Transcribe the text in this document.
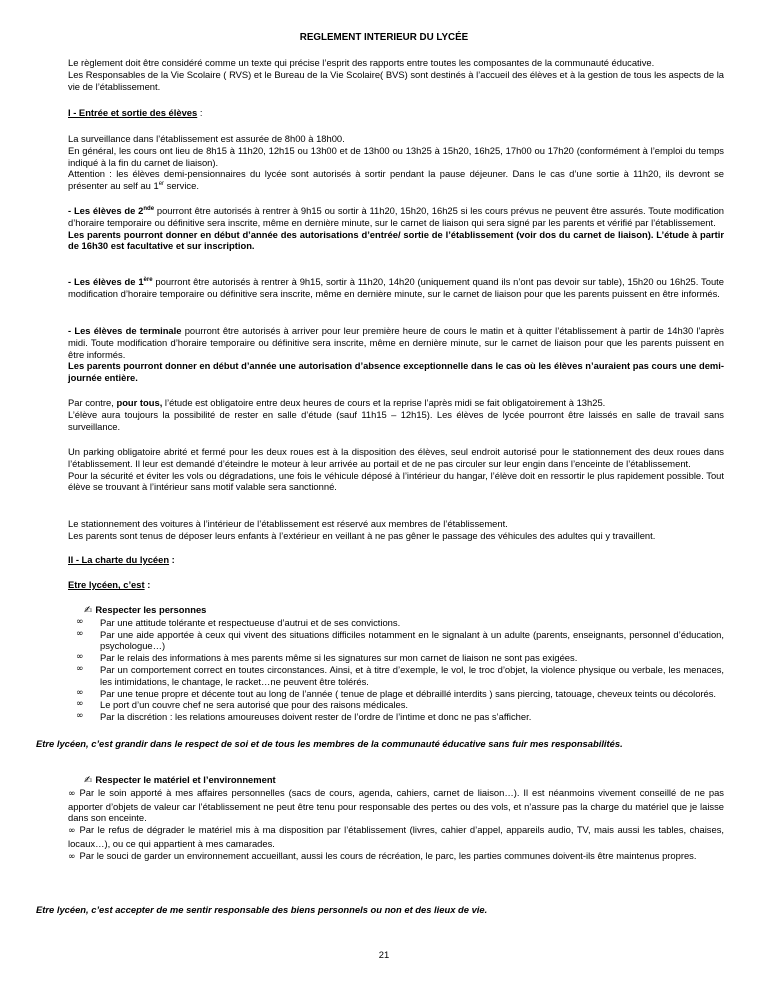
REGLEMENT INTERIEUR DU LYCÉE

Le règlement doit être considéré comme un texte qui précise l’esprit des rapports entre toutes les composantes de la communauté éducative.

Les Responsables de la Vie Scolaire ( RVS) et le Bureau de la Vie Scolaire( BVS) sont destinés à l’accueil des élèves et à la gestion de tous les aspects de la vie de l’établissement.

I - Entrée et sortie des élèves :

La surveillance dans l’établissement est assurée de 8h00 à 18h00.

En général, les cours ont lieu de 8h15 à 11h20, 12h15 ou 13h00 et de 13h00 ou 13h25 à 15h20, 16h25, 17h00 ou 17h20 (conformément à l’emploi du temps indiqué à la fin du carnet de liaison).

Attention : les élèves demi-pensionnaires du lycée sont autorisés à sortir pendant la pause déjeuner. Dans le cas d’une sortie à 11h20, ils devront se présenter au self au 1er service.

- Les élèves de 2nde pourront être autorisés à rentrer à 9h15 ou sortir à 11h20, 15h20, 16h25 si les cours prévus ne peuvent être assurés. Toute modification d’horaire temporaire ou définitive sera inscrite, même en dernière minute, sur le carnet de liaison qui sera signé par les parents et vérifié par l’établissement.

Les parents pourront donner en début d’année des autorisations d’entrée/ sortie de l’établissement (voir dos du carnet de liaison). L’étude à partir de 16h30 est facultative et sur inscription.

- Les élèves de 1ère pourront être autorisés à rentrer à 9h15, sortir à 11h20, 14h20 (uniquement quand ils n’ont pas devoir sur table), 15h20 ou 16h25. Toute modification d’horaire temporaire ou définitive sera inscrite, même en dernière minute, sur le carnet de liaison pour que les parents puissent en être informés.

- Les élèves de terminale pourront être autorisés à arriver pour leur première heure de cours le matin et à quitter l’établissement à partir de 14h30 l’après midi. Toute modification d’horaire temporaire ou définitive sera inscrite, même en dernière minute, sur le carnet de liaison pour que les parents puissent en être informés.

Les parents pourront donner en début d’année une autorisation d’absence exceptionnelle dans le cas où les élèves n’auraient pas cours une demi-journée entière.

Par contre, pour tous, l’étude est obligatoire entre deux heures de cours et la reprise l’après midi se fait obligatoirement à 13h25.

L’élève aura toujours la possibilité de rester en salle d’étude (sauf 11h15 – 12h15). Les élèves de lycée pourront être laissés en salle de travail sans surveillance.

Un parking obligatoire abrité et fermé pour les deux roues est à la disposition des élèves, seul endroit autorisé pour le stationnement des deux roues dans l’établissement. Il leur est demandé d’éteindre le moteur à leur arrivée au portail et de ne pas circuler sur leur engin dans l’enceinte de l’établissement.

Pour la sécurité et éviter les vols ou dégradations, une fois le véhicule déposé à l’intérieur du hangar, l’élève doit en ressortir le plus rapidement possible. Tout élève se trouvant à l’intérieur sans motif valable sera sanctionné.

Le stationnement des voitures à l’intérieur de l’établissement est réservé aux membres de l’établissement.

Les parents sont tenus de déposer leurs enfants à l’extérieur en veillant à ne pas gêner le passage des véhicules des adultes qui y travaillent.

II - La charte du lycéen :
Etre lycéen, c’est :

✍ Respecter les personnes

∞ Par une attitude tolérante et respectueuse d’autrui et de ses convictions.
∞ Par une aide apportée à ceux qui vivent des situations difficiles notamment en le signalant à un adulte (parents, enseignants, personnel d’éducation, psychologue…)
∞ Par le relais des informations à mes parents même si les signatures sur mon carnet de liaison ne sont pas exigées.
∞ Par un comportement correct en toutes circonstances. Ainsi, et à titre d’exemple, le vol, le troc d’objet, la violence physique ou verbale, les menaces, les intimidations, le chantage, le racket…ne peuvent être tolérés.
∞ Par une tenue propre et décente tout au long de l’année ( tenue de plage et débraillé interdits ) sans piercing, tatouage, cheveux teints ou décolorés.
∞ Le port d’un couvre chef ne sera autorisé que pour des raisons médicales.
∞ Par la discrétion : les relations amoureuses doivent rester de l’ordre de l’intime et donc ne pas s’afficher.
Etre lycéen, c’est grandir dans le respect de soi et de tous les membres de la communauté éducative sans fuir mes responsabilités.

✍ Respecter le matériel et l’environnement

∞ Par le soin apporté à mes affaires personnelles (sacs de cours, agenda, cahiers, carnet de liaison…). Il est néanmoins vivement conseillé de ne pas apporter d’objets de valeur car l’établissement ne peut être tenu pour responsable des pertes ou des vols, et n’assure pas la charge du matériel que je laisse dans son enceinte.

∞ Par le refus de dégrader le matériel mis à ma disposition par l’établissement (livres, cahier d’appel, appareils audio, TV, mais aussi les tables, chaises, locaux…), ou ce qui appartient à mes camarades.

∞ Par le souci de garder un environnement accueillant, aussi les cours de récréation, le parc, les parties communes doivent-ils être maintenus propres.

Etre lycéen, c’est accepter de me sentir responsable des biens personnels ou non et des lieux de vie.
21
